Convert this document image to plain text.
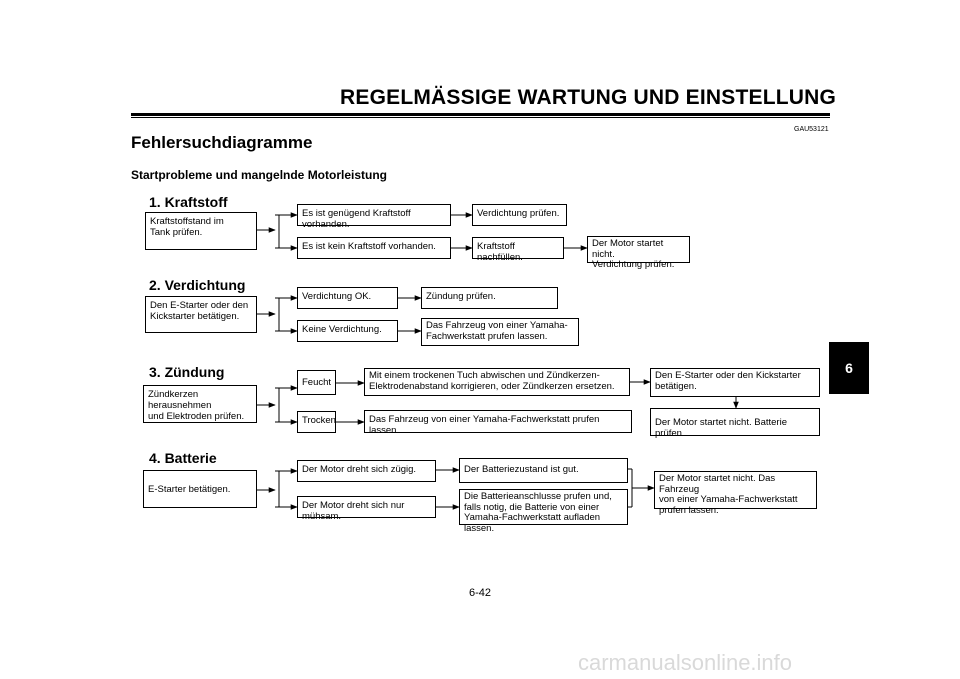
REGELMÄSSIGE WARTUNG UND EINSTELLUNG
GAU53121
Fehlersuchdiagramme
Startprobleme und mangelnde Motorleistung
6
6-42
carmanualsonline.info
1. Kraftstoff
Kraftstoffstand im
Tank prüfen.
Es ist genügend Kraftstoff vorhanden.
Es ist kein Kraftstoff vorhanden.
Verdichtung prüfen.
Kraftstoff nachfüllen.
Der Motor startet nicht.
Verdichtung prüfen.
2. Verdichtung
Den E-Starter oder den
Kickstarter betätigen.
Verdichtung OK.
Keine Verdichtung.
Zündung prüfen.
Das Fahrzeug von einer Yamaha-
Fachwerkstatt prufen lassen.
3. Zündung
Zündkerzen herausnehmen
und Elektroden prüfen.
Feucht
Trocken
Mit einem trockenen Tuch abwischen und Zündkerzen-
Elektrodenabstand korrigieren, oder Zündkerzen ersetzen.
Das Fahrzeug von einer Yamaha-Fachwerkstatt prufen lassen.
Den E-Starter oder den Kickstarter
betätigen.
Der Motor startet nicht. Batterie prüfen.
4. Batterie
E-Starter betätigen.
Der Motor dreht sich zügig.
Der Motor dreht sich nur mühsam.
Der Batteriezustand ist gut.
Die Batterieanschlusse prufen und,
falls notig, die Batterie von einer
Yamaha-Fachwerkstatt aufladen lassen.
Der Motor startet nicht. Das Fahrzeug
von einer Yamaha-Fachwerkstatt
prufen lassen.
